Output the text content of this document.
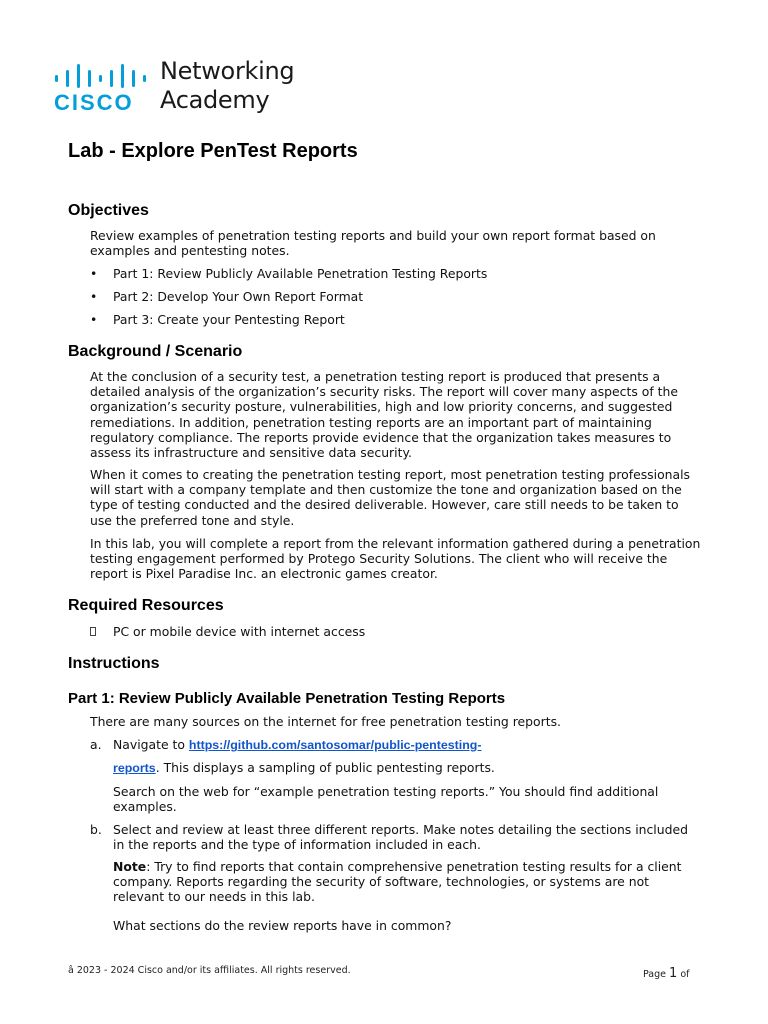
CISCO
Networking
Academy
Lab - Explore PenTest Reports
Objectives
Review examples of penetration testing reports and build your own report format based on examples and pentesting notes.
•	Part 1: Review Publicly Available Penetration Testing Reports
•	Part 2: Develop Your Own Report Format
•	Part 3: Create your Pentesting Report
Background / Scenario
At the conclusion of a security test, a penetration testing report is produced that presents a detailed analysis of the organization’s security risks. The report will cover many aspects of the organization’s security posture, vulnerabilities, high and low priority concerns, and suggested remediations. In addition, penetration testing reports are an important part of maintaining regulatory compliance. The reports provide evidence that the organization takes measures to assess its infrastructure and sensitive data security.
When it comes to creating the penetration testing report, most penetration testing professionals will start with a company template and then customize the tone and organization based on the type of testing conducted and the desired deliverable. However, care still needs to be taken to use the preferred tone and style.
In this lab, you will complete a report from the relevant information gathered during a penetration testing engagement performed by Protego Security Solutions. The client who will receive the report is Pixel Paradise Inc. an electronic games creator.
Required Resources
PC or mobile device with internet access
Instructions
Part 1: Review Publicly Available Penetration Testing Reports
There are many sources on the internet for free penetration testing reports.
a. Navigate to https://github.com/santosomar/public-pentesting-
reports. This displays a sampling of public pentesting reports.
Search on the web for “example penetration testing reports.” You should find additional examples.
b. Select and review at least three different reports. Make notes detailing the sections included in the reports and the type of information included in each.
Note: Try to find reports that contain comprehensive penetration testing results for a client company. Reports regarding the security of software, technologies, or systems are not relevant to our needs in this lab.
What sections do the review reports have in common?
â 2023 - 2024 Cisco and/or its affiliates. All rights reserved.	Page 1 of
